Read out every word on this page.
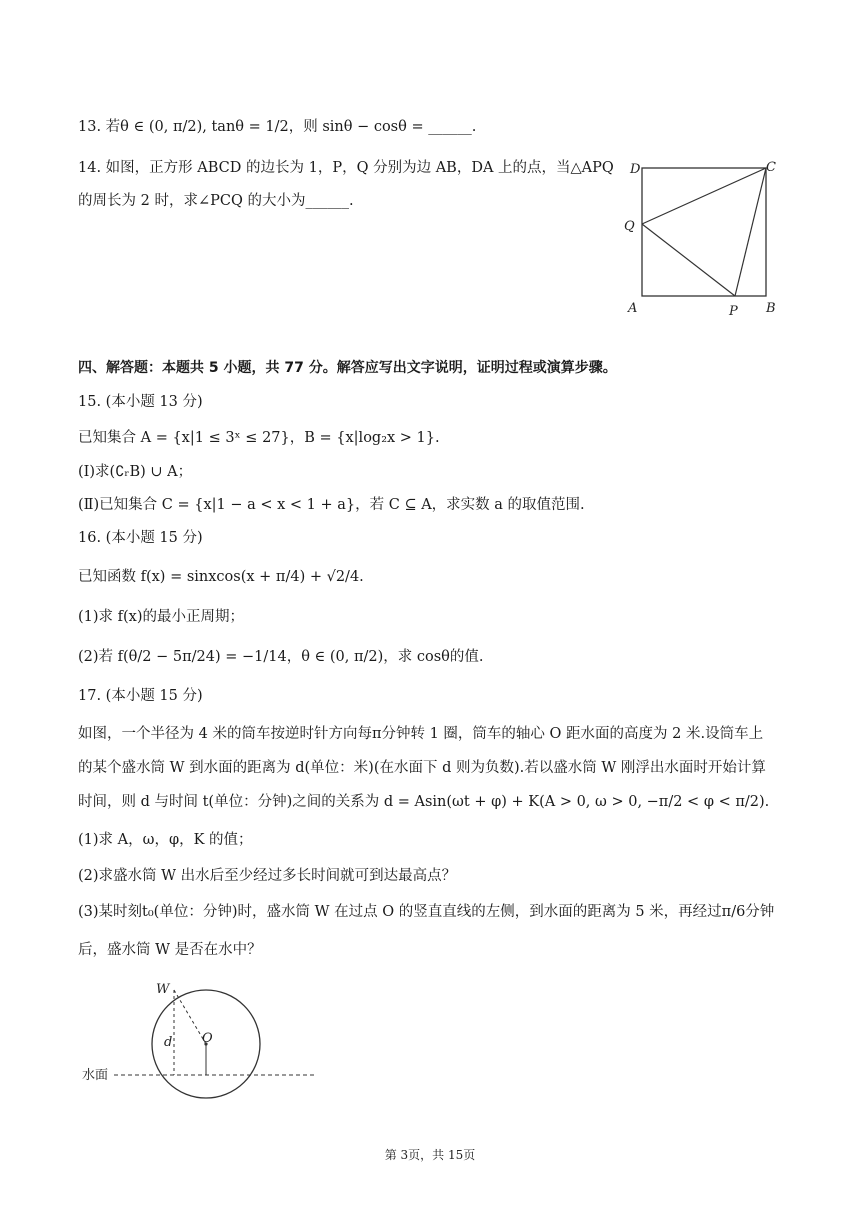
13. 若θ ∈ (0, π/2), tanθ = 1/2，则 sinθ − cosθ = ______.
14. 如图，正方形 ABCD 的边长为 1，P，Q 分别为边 AB，DA 上的点，当△APQ
的周长为 2 时，求∠PCQ 的大小为______.
D	C
Q
A	P B
四、解答题：本题共 5 小题，共 77 分。解答应写出文字说明，证明过程或演算步骤。
15. (本小题 13 分)
已知集合 A = {x|1 ≤ 3ˣ ≤ 27}，B = {x|log₂x > 1}.
(Ⅰ)求(∁ᵣB) ∪ A；
(Ⅱ)已知集合 C = {x|1 − a < x < 1 + a}，若 C ⊆ A，求实数 a 的取值范围.
16. (本小题 15 分)
已知函数 f(x) = sinxcos(x + π/4) + √2/4.
(1)求 f(x)的最小正周期；
(2)若 f(θ/2 − 5π/24) = −1/14，θ ∈ (0, π/2)，求 cosθ的值.
17. (本小题 15 分)
如图，一个半径为 4 米的筒车按逆时针方向每π分钟转 1 圈，筒车的轴心 O 距水面的高度为 2 米.设筒车上
的某个盛水筒 W 到水面的距离为 d(单位：米)(在水面下 d 则为负数).若以盛水筒 W 刚浮出水面时开始计算
时间，则 d 与时间 t(单位：分钟)之间的关系为 d = Asin(ωt + φ) + K(A > 0, ω > 0, −π/2 < φ < π/2).
(1)求 A，ω，φ，K 的值；
(2)求盛水筒 W 出水后至少经过多长时间就可到达最高点？
(3)某时刻t₀(单位：分钟)时，盛水筒 W 在过点 O 的竖直直线的左侧，到水面的距离为 5 米，再经过π/6分钟
后，盛水筒 W 是否在水中？
W
d O
水面
第 3页，共 15页
